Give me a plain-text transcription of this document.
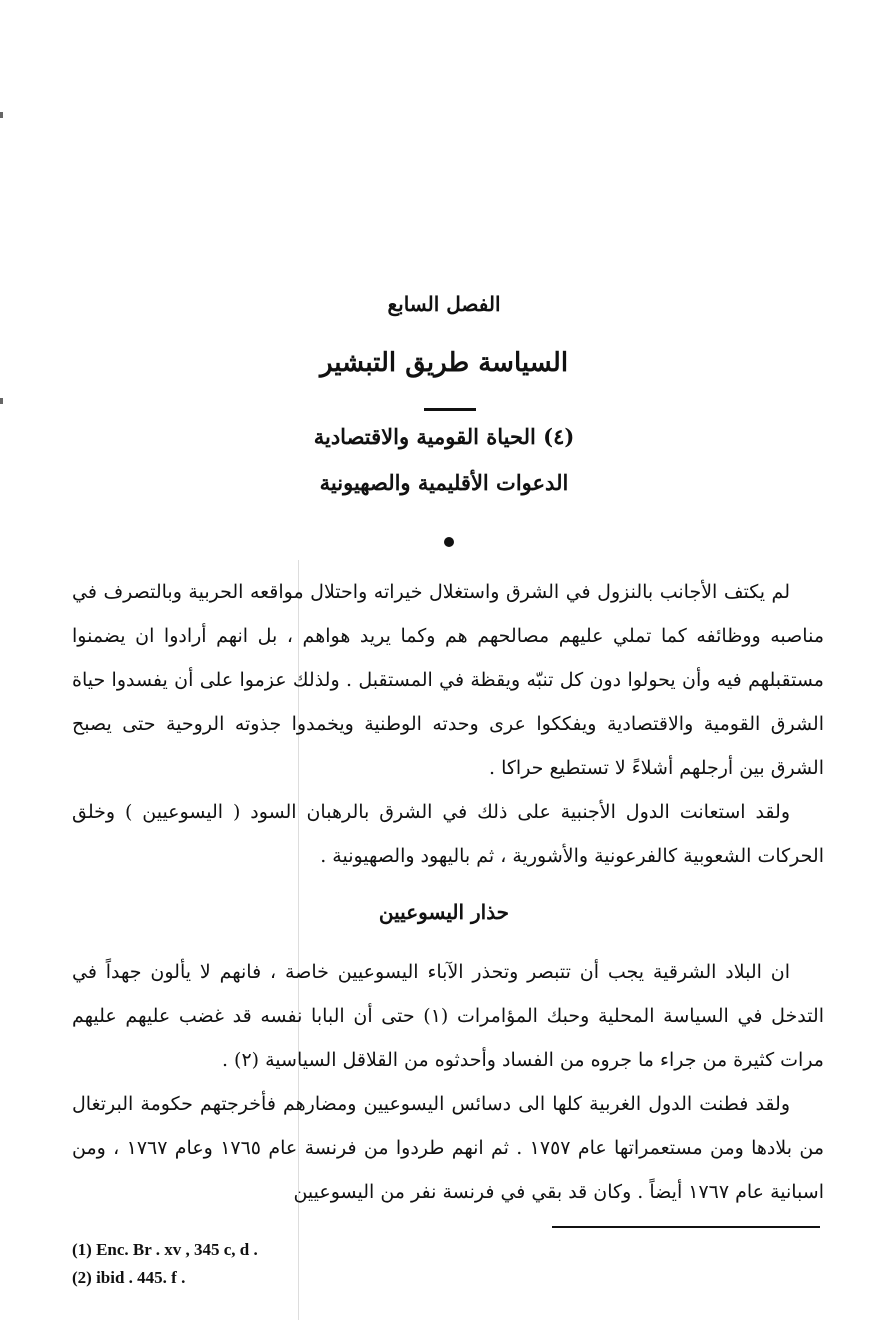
الفصل السابع
السياسة طريق التبشير
(٤) الحياة القومية والاقتصادية
الدعوات الأقليمية والصهيونية

لم يكتف الأجانب بالنزول في الشرق واستغلال خيراته واحتلال مواقعه الحربية وبالتصرف في مناصبه ووظائفه كما تملي عليهم مصالحهم هم وكما يريد هواهم ، بل انهم أرادوا ان يضمنوا مستقبلهم فيه وأن يحولوا دون كل تنبّه ويقظة في المستقبل . ولذلك عزموا على أن يفسدوا حياة الشرق القومية والاقتصادية ويفككوا عرى وحدته الوطنية ويخمدوا جذوته الروحية حتى يصبح الشرق بين أرجلهم أشلاءً لا تستطيع حراكا .

ولقد استعانت الدول الأجنبية على ذلك في الشرق بالرهبان السود ( اليسوعيين ) وخلق الحركات الشعوبية كالفرعونية والأشورية ، ثم باليهود والصهيونية .

حذار اليسوعيين

ان البلاد الشرقية يجب أن تتبصر وتحذر الآباء اليسوعيين خاصة ، فانهم لا يألون جهداً في التدخل في السياسة المحلية وحبك المؤامرات (١) حتى أن البابا نفسه قد غضب عليهم عليهم مرات كثيرة من جراء ما جروه من الفساد وأحدثوه من القلاقل السياسية (٢) .

ولقد فطنت الدول الغربية كلها الى دسائس اليسوعيين ومضارهم فأخرجتهم حكومة البرتغال من بلادها ومن مستعمراتها عام ١٧٥٧ . ثم انهم طردوا من فرنسة عام ١٧٦٥ وعام ١٧٦٧ ، ومن اسبانية عام ١٧٦٧ أيضاً . وكان قد بقي في فرنسة نفر من اليسوعيين

(1) Enc. Br . xv , 345 c, d .
(2) ibid . 445. f .
